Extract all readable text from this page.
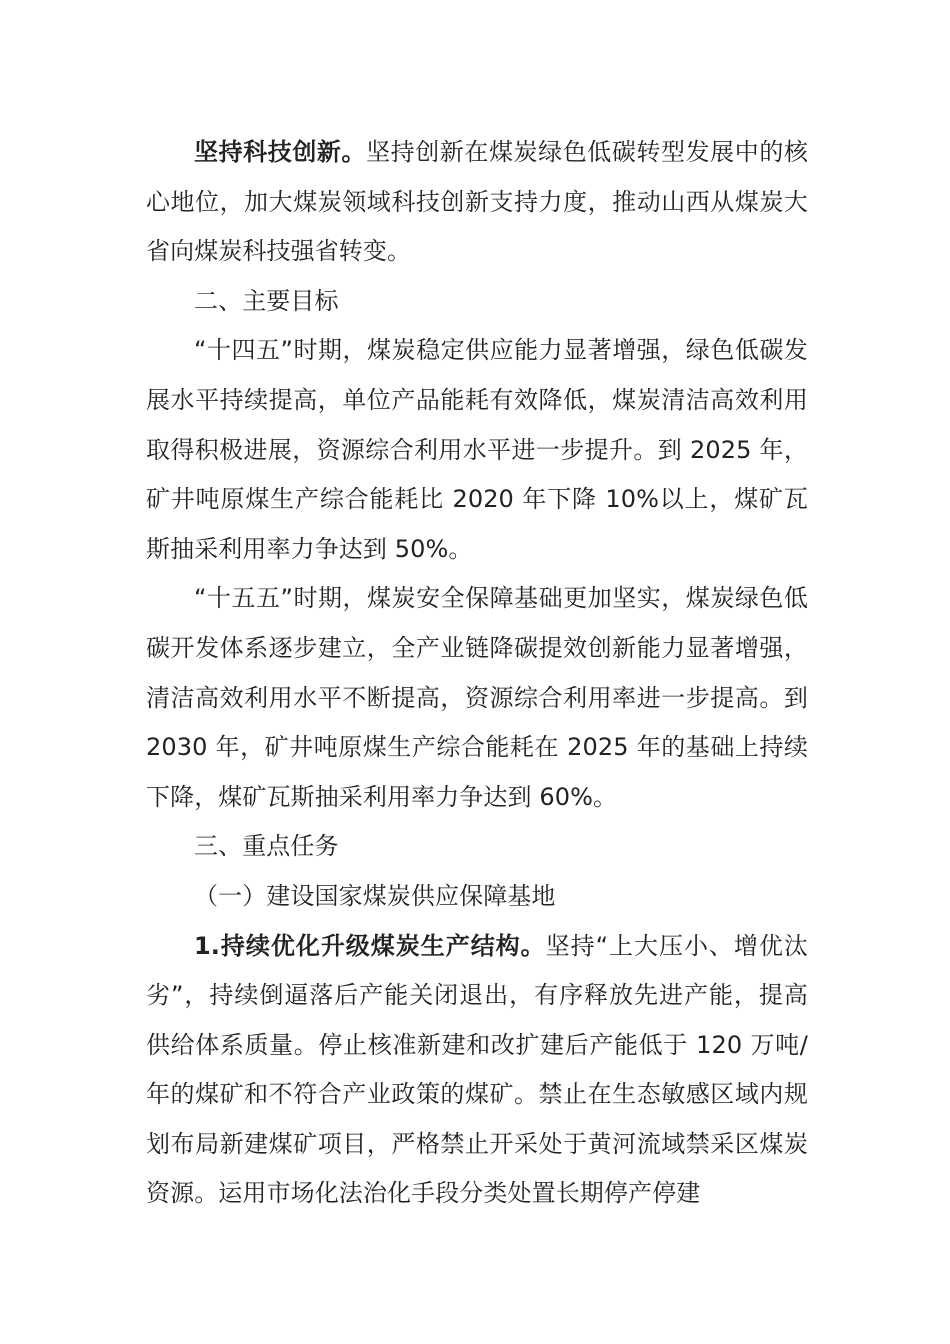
坚持科技创新。坚持创新在煤炭绿色低碳转型发展中的核心地位，加大煤炭领域科技创新支持力度，推动山西从煤炭大省向煤炭科技强省转变。

二、主要目标

“十四五”时期，煤炭稳定供应能力显著增强，绿色低碳发展水平持续提高，单位产品能耗有效降低，煤炭清洁高效利用取得积极进展，资源综合利用水平进一步提升。到 2025 年，矿井吨原煤生产综合能耗比 2020 年下降 10%以上，煤矿瓦斯抽采利用率力争达到 50%。

“十五五”时期，煤炭安全保障基础更加坚实，煤炭绿色低碳开发体系逐步建立，全产业链降碳提效创新能力显著增强，清洁高效利用水平不断提高，资源综合利用率进一步提高。到 2030 年，矿井吨原煤生产综合能耗在 2025 年的基础上持续下降，煤矿瓦斯抽采利用率力争达到 60%。

三、重点任务

（一）建设国家煤炭供应保障基地

1.持续优化升级煤炭生产结构。坚持“上大压小、增优汰劣”，持续倒逼落后产能关闭退出，有序释放先进产能，提高供给体系质量。停止核准新建和改扩建后产能低于 120 万吨/年的煤矿和不符合产业政策的煤矿。禁止在生态敏感区域内规划布局新建煤矿项目，严格禁止开采处于黄河流域禁采区煤炭资源。运用市场化法治化手段分类处置长期停产停建
